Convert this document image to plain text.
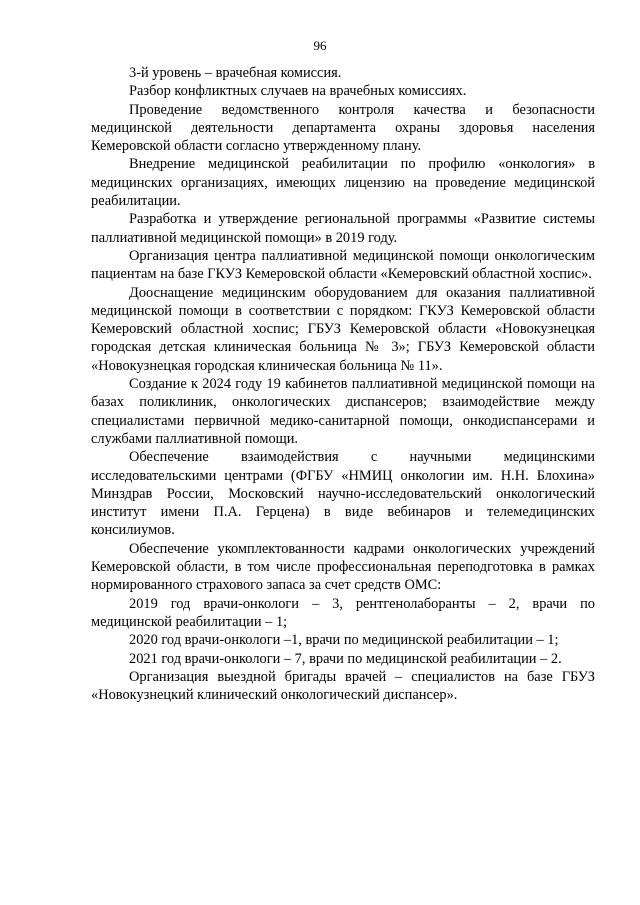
96

3-й уровень – врачебная комиссия.

Разбор конфликтных случаев на врачебных комиссиях.

Проведение ведомственного контроля качества и безопасности медицинской деятельности департамента охраны здоровья населения Кемеровской области согласно утвержденному плану.

Внедрение медицинской реабилитации по профилю «онкология» в медицинских организациях, имеющих лицензию на проведение медицинской реабилитации.

Разработка и утверждение региональной программы «Развитие системы паллиативной медицинской помощи» в 2019 году.

Организация центра паллиативной медицинской помощи онкологическим пациентам на базе ГКУЗ Кемеровской области «Кемеровский областной хоспис».

Дооснащение медицинским оборудованием для оказания паллиативной медицинской помощи в соответствии с порядком: ГКУЗ Кемеровской области Кемеровский областной хоспис; ГБУЗ Кемеровской области «Новокузнецкая городская детская клиническая больница № 3»; ГБУЗ Кемеровской области «Новокузнецкая городская клиническая больница № 11».

Создание к 2024 году 19 кабинетов паллиативной медицинской помощи на базах поликлиник, онкологических диспансеров; взаимодействие между специалистами первичной медико-санитарной помощи, онкодиспансерами и службами паллиативной помощи.

Обеспечение взаимодействия с научными медицинскими исследовательскими центрами (ФГБУ «НМИЦ онкологии им. Н.Н. Блохина» Минздрав России, Московский научно-исследовательский онкологический институт имени П.А. Герцена) в виде вебинаров и телемедицинских консилиумов.

Обеспечение укомплектованности кадрами онкологических учреждений Кемеровской области, в том числе профессиональная переподготовка в рамках нормированного страхового запаса за счет средств ОМС:

2019 год врачи-онкологи – 3, рентгенолаборанты – 2, врачи по медицинской реабилитации – 1;

2020 год врачи-онкологи –1, врачи по медицинской реабилитации – 1;

2021 год врачи-онкологи – 7, врачи по медицинской реабилитации – 2.

Организация выездной бригады врачей – специалистов на базе ГБУЗ «Новокузнецкий клинический онкологический диспансер».
